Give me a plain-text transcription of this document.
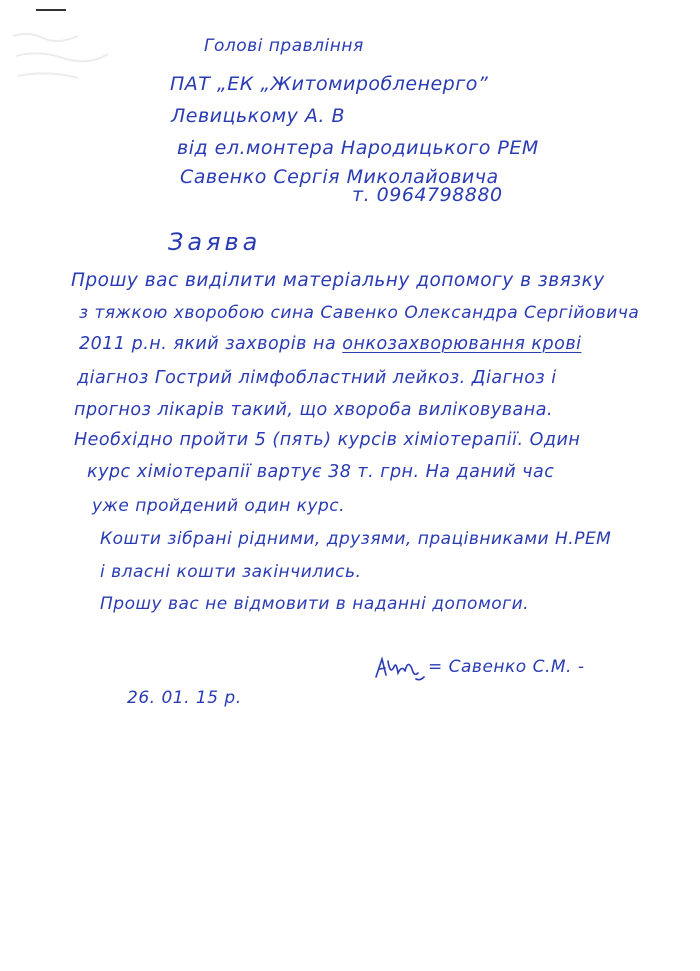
Голові правління
ПАТ „ЕК „Житомиробленерго”
Левицькому А. В
від ел.монтера Народицького РЕМ
Савенко Сергія Миколайовича
т. 0964798880
Заява
Прошу вас виділити матеріальну допомогу в звязку
з тяжкою хворобою сина Савенко Олександра Сергійовича
2011 р.н. який захворів на онкозахворювання крові
діагноз Гострий лімфобластний лейкоз. Діагноз і
прогноз лікарів такий, що хвороба виліковувана.
Необхідно пройти 5 (пять) курсів хіміотерапії. Один
курс хіміотерапії вартує 38 т. грн. На даний час
уже пройдений один курс.
Кошти зібрані рідними, друзями, працівниками Н.РЕМ
і власні кошти закінчились.
Прошу вас не відмовити в наданні допомоги.
= Савенко С.М. -
26. 01. 15 р.
